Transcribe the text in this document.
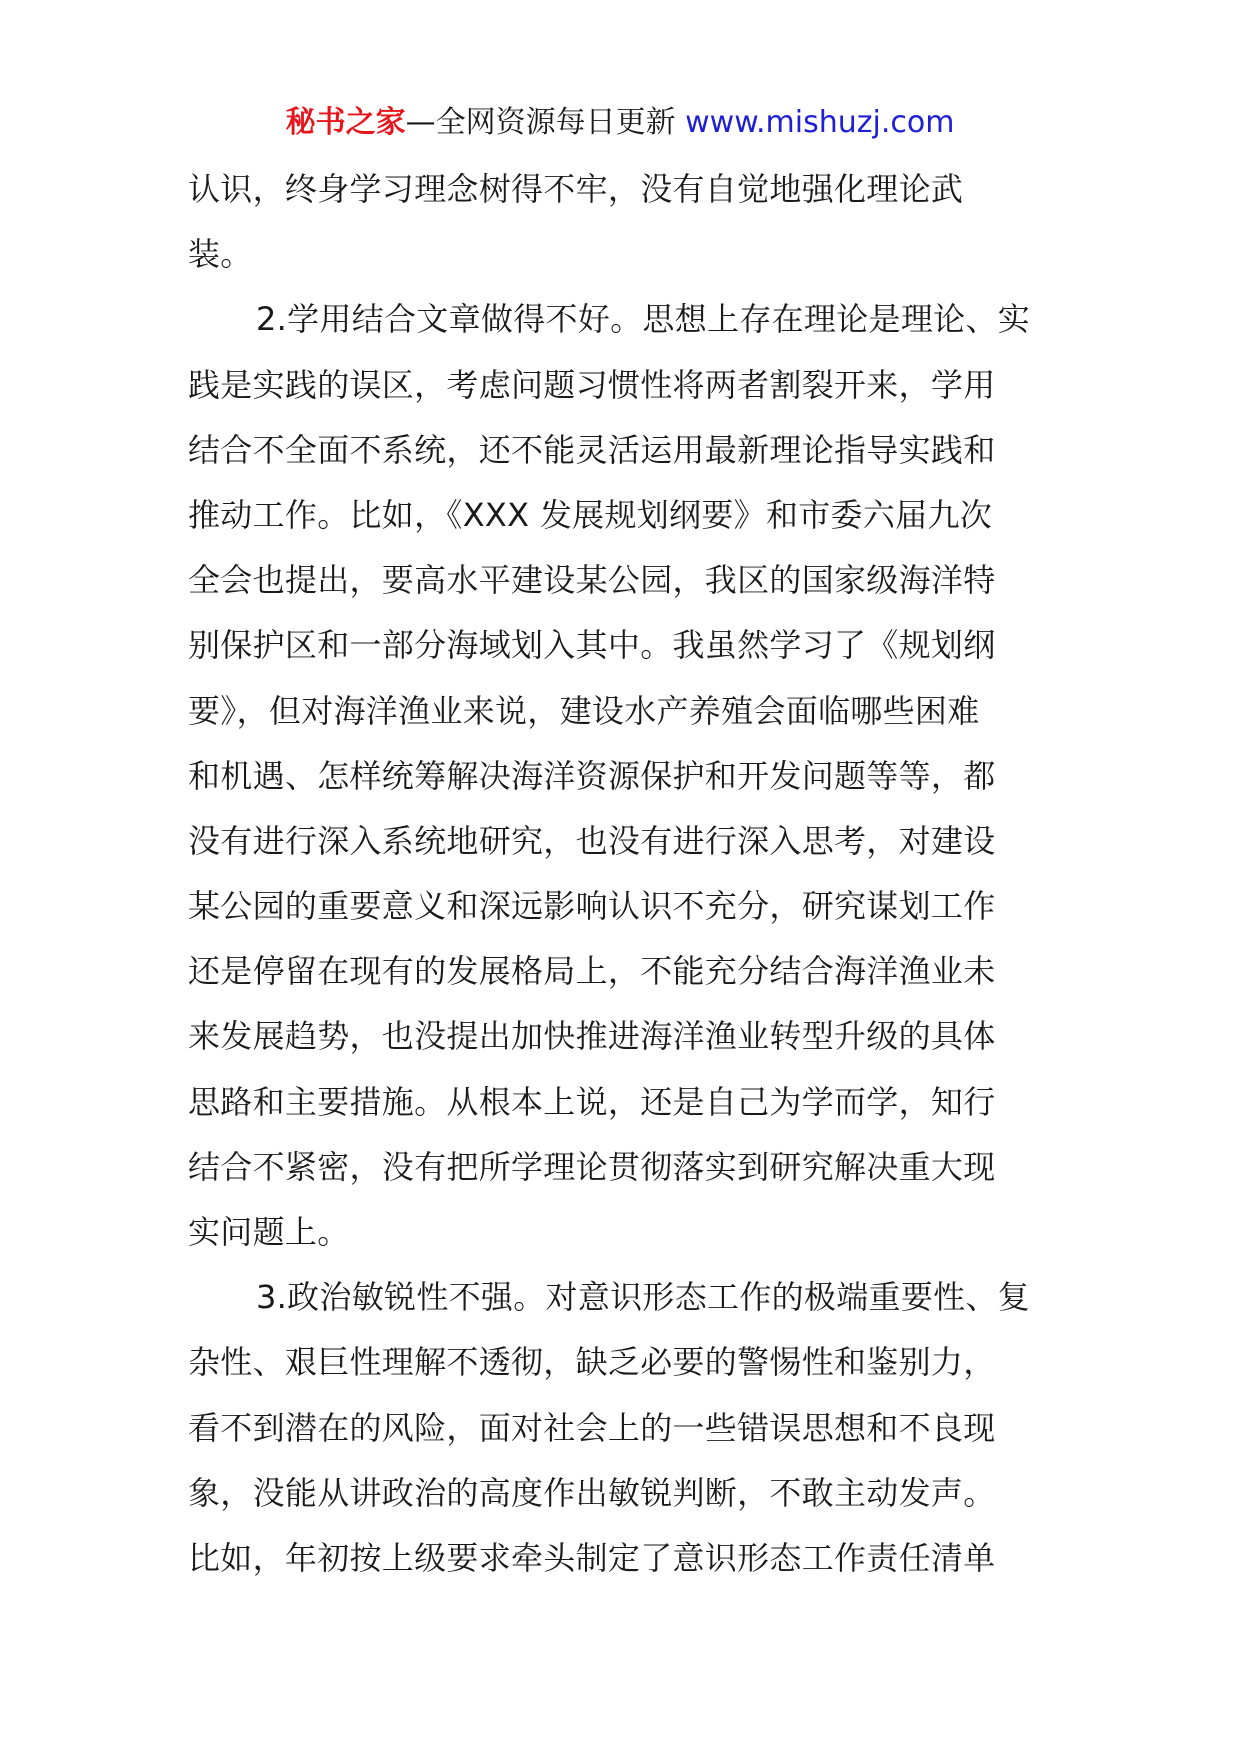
秘书之家—全网资源每日更新 www.mishuzj.com
认识，终身学习理念树得不牢，没有自觉地强化理论武
装。
2.学用结合文章做得不好。思想上存在理论是理论、实
践是实践的误区，考虑问题习惯性将两者割裂开来，学用
结合不全面不系统，还不能灵活运用最新理论指导实践和
推动工作。比如，《XXX 发展规划纲要》和市委六届九次
全会也提出，要高水平建设某公园，我区的国家级海洋特
别保护区和一部分海域划入其中。我虽然学习了《规划纲
要》，但对海洋渔业来说，建设水产养殖会面临哪些困难
和机遇、怎样统筹解决海洋资源保护和开发问题等等，都
没有进行深入系统地研究，也没有进行深入思考，对建设
某公园的重要意义和深远影响认识不充分，研究谋划工作
还是停留在现有的发展格局上，不能充分结合海洋渔业未
来发展趋势，也没提出加快推进海洋渔业转型升级的具体
思路和主要措施。从根本上说，还是自己为学而学，知行
结合不紧密，没有把所学理论贯彻落实到研究解决重大现
实问题上。
3.政治敏锐性不强。对意识形态工作的极端重要性、复
杂性、艰巨性理解不透彻，缺乏必要的警惕性和鉴别力，
看不到潜在的风险，面对社会上的一些错误思想和不良现
象，没能从讲政治的高度作出敏锐判断，不敢主动发声。
比如，年初按上级要求牵头制定了意识形态工作责任清单
